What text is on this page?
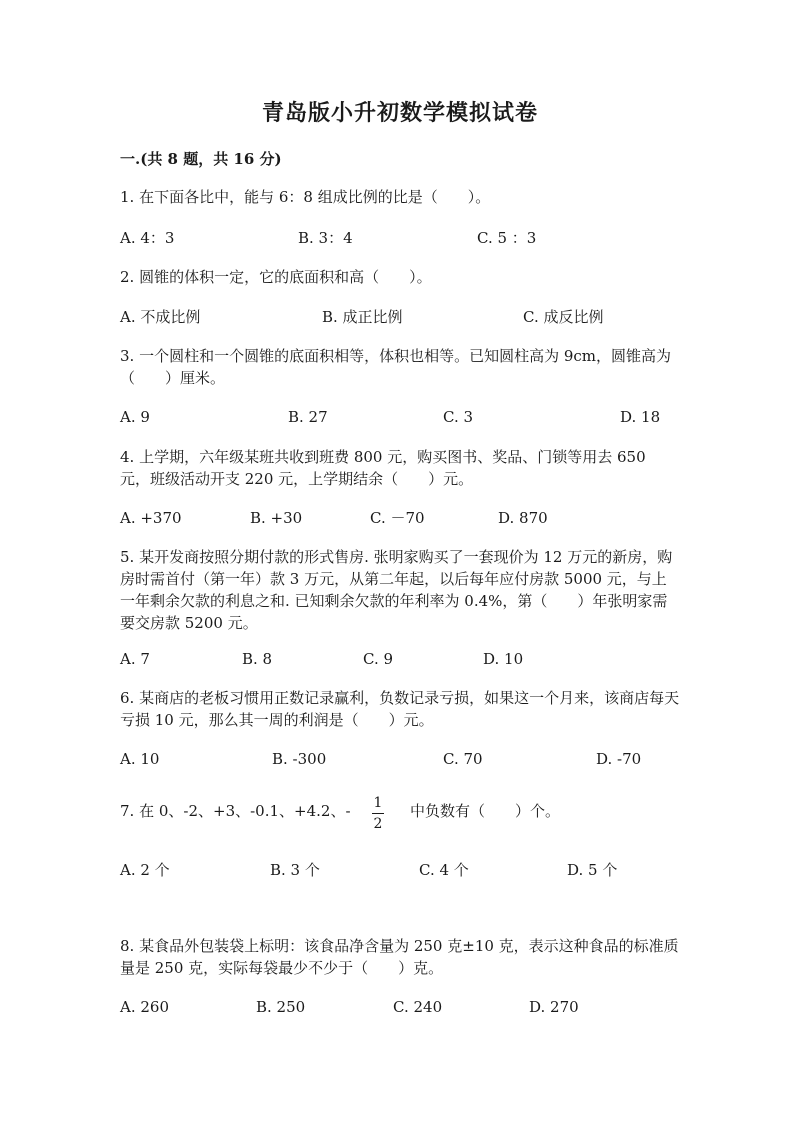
青岛版小升初数学模拟试卷
一.(共 8 题，共 16 分)
1. 在下面各比中，能与 6：8 组成比例的比是（　　）。
A. 4：3	B. 3：4	C. 5 ：3
2. 圆锥的体积一定，它的底面积和高（　　）。
A. 不成比例	B. 成正比例	C. 成反比例
3. 一个圆柱和一个圆锥的底面积相等，体积也相等。已知圆柱高为 9cm，圆锥高为（　　）厘米。
A. 9	B. 27	C. 3	D. 18
4. 上学期，六年级某班共收到班费 800 元，购买图书、奖品、门锁等用去 650 元，班级活动开支 220 元，上学期结余（　　）元。
A. +370	B. +30	C. －70	D. 870
5. 某开发商按照分期付款的形式售房. 张明家购买了一套现价为 12 万元的新房，购房时需首付（第一年）款 3 万元，从第二年起，以后每年应付房款 5000 元，与上一年剩余欠款的利息之和. 已知剩余欠款的年利率为 0.4%，第（　　）年张明家需要交房款 5200 元。
A. 7	B. 8	C. 9	D. 10
6. 某商店的老板习惯用正数记录赢利，负数记录亏损，如果这一个月来，该商店每天亏损 10 元，那么其一周的利润是（　　）元。
A. 10	B. -300	C. 70	D. -70
7. 在 0、-2、+3、-0.1、+4.2、- 1
2
中负数有（　　）个。
A. 2 个	B. 3 个	C. 4 个	D. 5 个
8. 某食品外包装袋上标明：该食品净含量为 250 克±10 克，表示这种食品的标准质量是 250 克，实际每袋最少不少于（　　）克。
A. 260	B. 250	C. 240	D. 270
